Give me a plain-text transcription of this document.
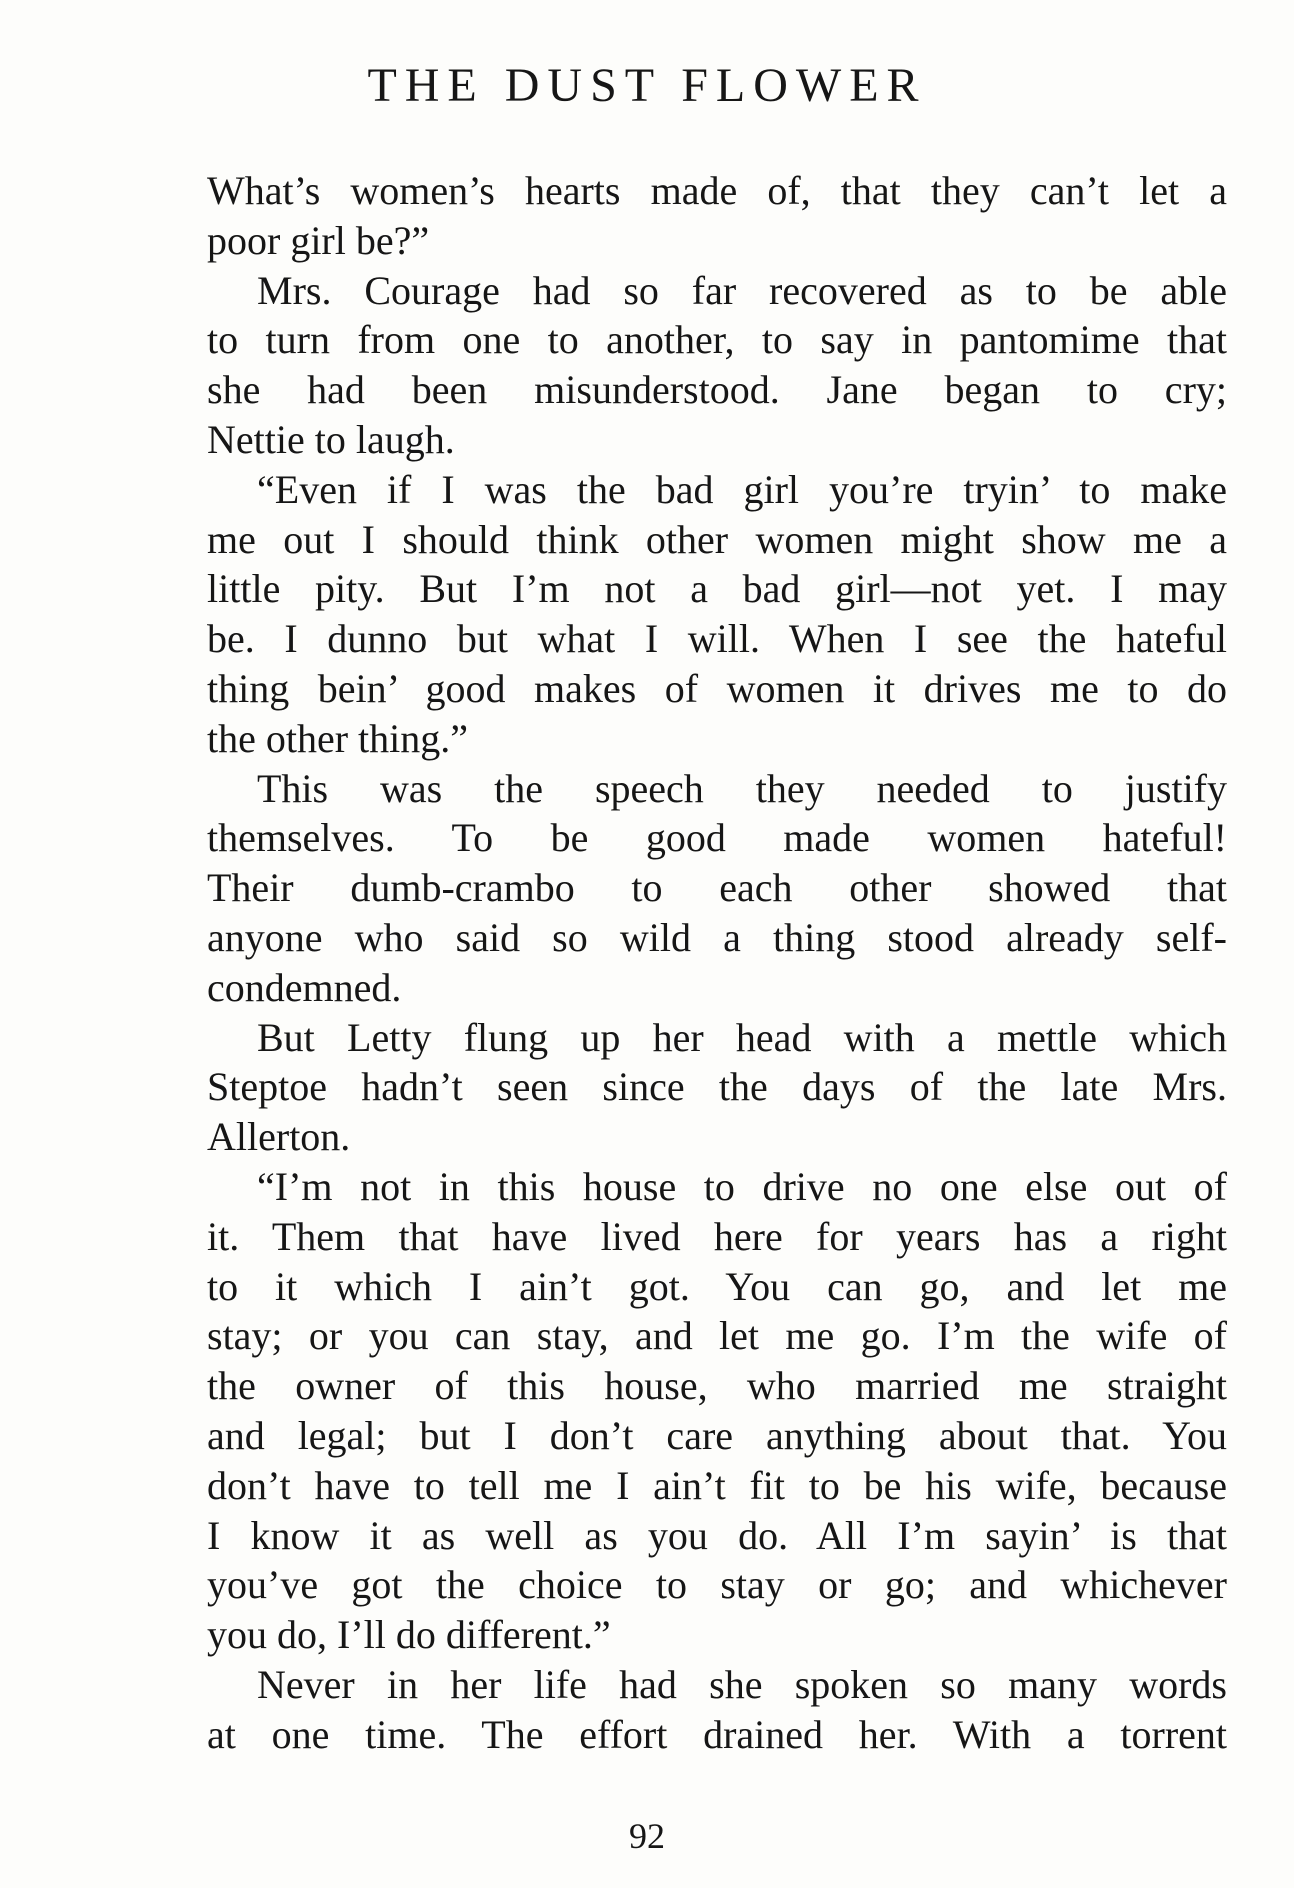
THE DUST FLOWER
What’s women’s hearts made of, that they can’t let a
poor girl be?”
Mrs. Courage had so far recovered as to be able
to turn from one to another, to say in pantomime that
she had been misunderstood. Jane began to cry;
Nettie to laugh.
“Even if I was the bad girl you’re tryin’ to make
me out I should think other women might show me a
little pity. But I’m not a bad girl—not yet. I may
be. I dunno but what I will. When I see the hateful
thing bein’ good makes of women it drives me to do
the other thing.”
This was the speech they needed to justify
themselves. To be good made women hateful!
Their dumb-crambo to each other showed that
anyone who said so wild a thing stood already self-
condemned.
But Letty flung up her head with a mettle which
Steptoe hadn’t seen since the days of the late Mrs.
Allerton.
“I’m not in this house to drive no one else out of
it. Them that have lived here for years has a right
to it which I ain’t got. You can go, and let me
stay; or you can stay, and let me go. I’m the wife of
the owner of this house, who married me straight
and legal; but I don’t care anything about that. You
don’t have to tell me I ain’t fit to be his wife, because
I know it as well as you do. All I’m sayin’ is that
you’ve got the choice to stay or go; and whichever
you do, I’ll do different.”
Never in her life had she spoken so many words
at one time. The effort drained her. With a torrent
92
